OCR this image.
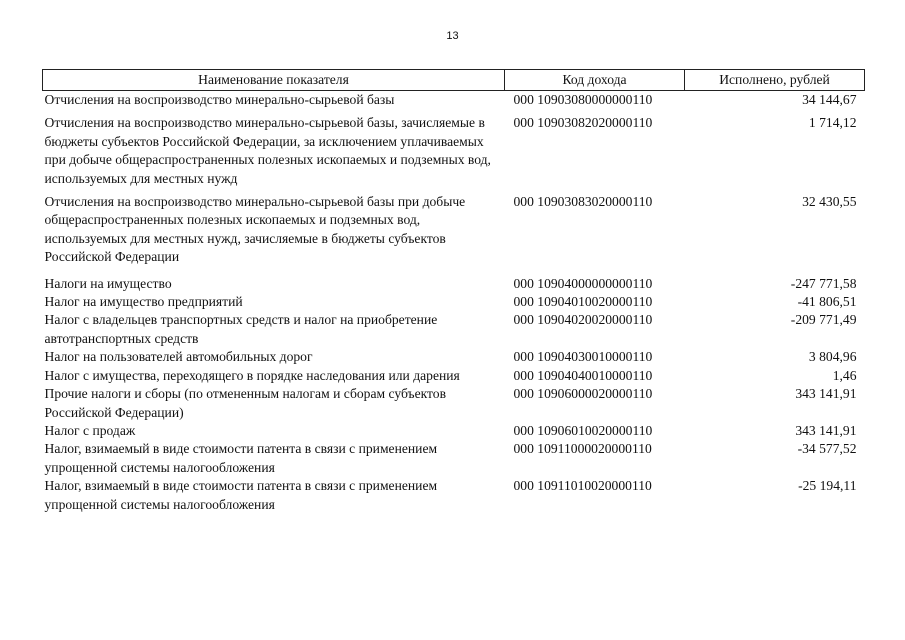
13
Наименование показателя	Код дохода	Исполнено, рублей
Отчисления на воспроизводство минерально-сырьевой базы	000 10903080000000110	34 144,67
Отчисления на воспроизводство минерально-сырьевой базы, зачисляемые в бюджеты субъектов Российской Федерации, за исключением уплачиваемых при добыче общераспространенных полезных ископаемых и подземных вод, используемых для местных нужд	000 10903082020000110	1 714,12
Отчисления на воспроизводство минерально-сырьевой базы при добыче общераспространенных полезных ископаемых и подземных вод, используемых для местных нужд, зачисляемые в бюджеты субъектов Российской Федерации	000 10903083020000110	32 430,55
Налоги на имущество	000 10904000000000110	-247 771,58
Налог на имущество предприятий	000 10904010020000110	-41 806,51
Налог с владельцев транспортных средств и налог на приобретение автотранспортных средств	000 10904020020000110	-209 771,49
Налог на пользователей автомобильных дорог	000 10904030010000110	3 804,96
Налог с имущества, переходящего в порядке наследования или дарения	000 10904040010000110	1,46
Прочие налоги и сборы (по отмененным налогам и сборам субъектов Российской Федерации)	000 10906000020000110	343 141,91
Налог с продаж	000 10906010020000110	343 141,91
Налог, взимаемый в виде стоимости патента в связи с применением упрощенной системы налогообложения	000 10911000020000110	-34 577,52
Налог, взимаемый в виде стоимости патента в связи с применением упрощенной системы налогообложения	000 10911010020000110	-25 194,11
